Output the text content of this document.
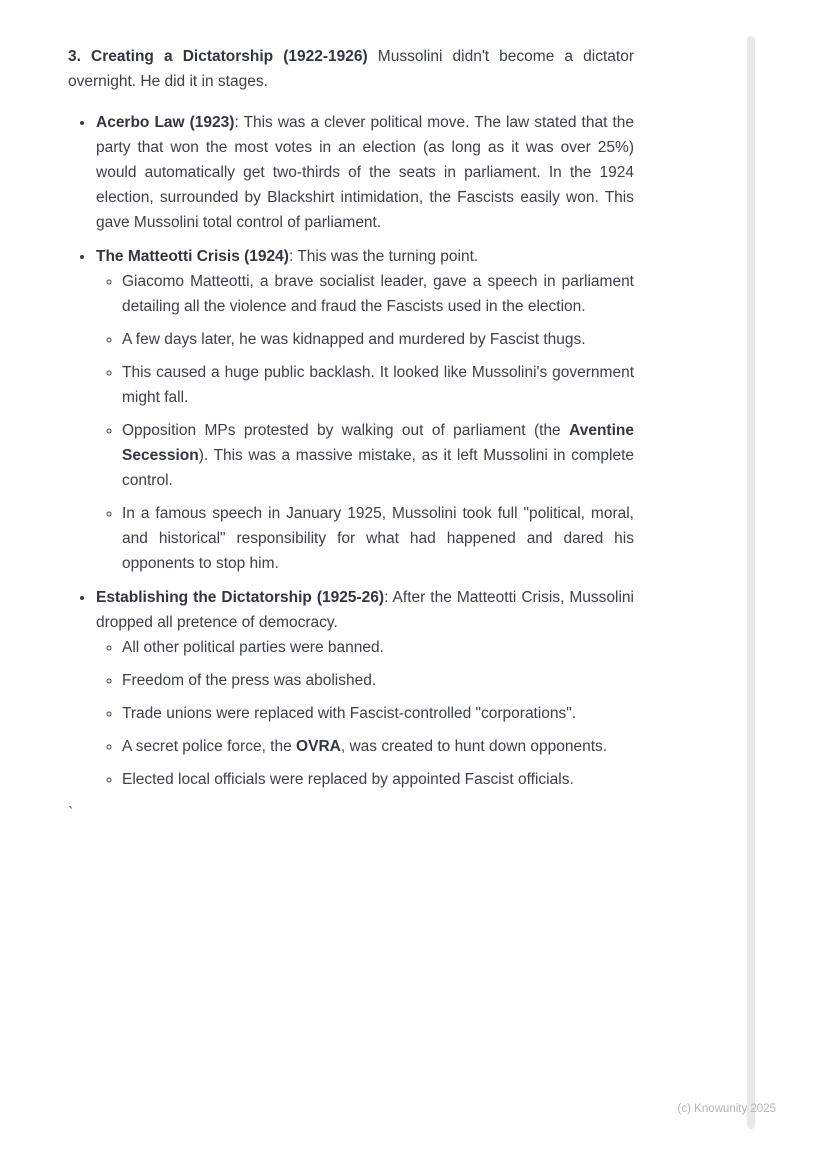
3. Creating a Dictatorship (1922-1926) Mussolini didn't become a dictator overnight. He did it in stages.

• Acerbo Law (1923): This was a clever political move. The law stated that the party that won the most votes in an election (as long as it was over 25%) would automatically get two-thirds of the seats in parliament. In the 1924 election, surrounded by Blackshirt intimidation, the Fascists easily won. This gave Mussolini total control of parliament.
• The Matteotti Crisis (1924): This was the turning point.
◦ Giacomo Matteotti, a brave socialist leader, gave a speech in parliament detailing all the violence and fraud the Fascists used in the election.
◦ A few days later, he was kidnapped and murdered by Fascist thugs.
◦ This caused a huge public backlash. It looked like Mussolini's government might fall.
◦ Opposition MPs protested by walking out of parliament (the Aventine Secession). This was a massive mistake, as it left Mussolini in complete control.
◦ In a famous speech in January 1925, Mussolini took full "political, moral, and historical" responsibility for what had happened and dared his opponents to stop him.
• Establishing the Dictatorship (1925-26): After the Matteotti Crisis, Mussolini dropped all pretence of democracy.
◦ All other political parties were banned.
◦ Freedom of the press was abolished.
◦ Trade unions were replaced with Fascist-controlled "corporations".
◦ A secret police force, the OVRA, was created to hunt down opponents.
◦ Elected local officials were replaced by appointed Fascist officials.

`

(c) Knowunity 2025
